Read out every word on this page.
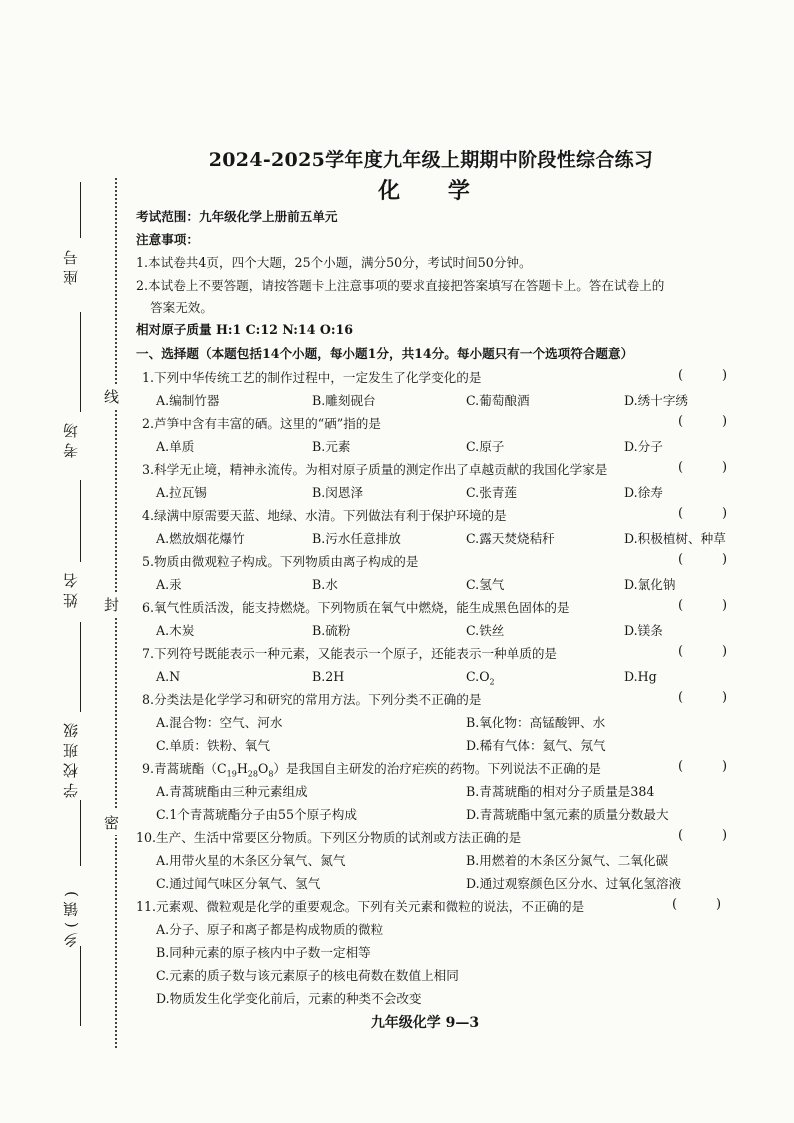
2024-2025学年度九年级上期期中阶段性综合练习
化 学
座号
考场
姓名
班级
学校
乡(镇)
线
封
密
考试范围：九年级化学上册前五单元
注意事项：
1.本试卷共4页，四个大题，25个小题，满分50分，考试时间50分钟。
2.本试卷上不要答题，请按答题卡上注意事项的要求直接把答案填写在答题卡上。答在试卷上的
答案无效。
相对原子质量 H:1 C:12 N:14 O:16
一、选择题（本题包括14个小题，每小题1分，共14分。每小题只有一个选项符合题意）
1.下列中华传统工艺的制作过程中，一定发生了化学变化的是	(	)
A.编制竹器	B.雕刻砚台	C.葡萄酿酒	D.绣十字绣
2.芦笋中含有丰富的硒。这里的“硒”指的是	(	)
A.单质	B.元素	C.原子	D.分子
3.科学无止境，精神永流传。为相对原子质量的测定作出了卓越贡献的我国化学家是	(	)
A.拉瓦锡	B.闵恩泽	C.张青莲	D.徐寿
4.绿满中原需要天蓝、地绿、水清。下列做法有利于保护环境的是	(	)
A.燃放烟花爆竹	B.污水任意排放	C.露天焚烧秸秆	D.积极植树、种草
5.物质由微观粒子构成。下列物质由离子构成的是	(	)
A.汞	B.水	C.氢气	D.氯化钠
6.氧气性质活泼，能支持燃烧。下列物质在氧气中燃烧，能生成黑色固体的是	(	)
A.木炭	B.硫粉	C.铁丝	D.镁条
7.下列符号既能表示一种元素，又能表示一个原子，还能表示一种单质的是	(	)
A.N	B.2H	$C.O_2$	D.Hg
8.分类法是化学学习和研究的常用方法。下列分类不正确的是	(	)
A.混合物：空气、河水	B.氧化物：高锰酸钾、水
C.单质：铁粉、氧气	D.稀有气体：氦气、氖气
9.青蒿琥酯$(C_{19}H_{28}O_8)$是我国自主研发的治疗疟疾的药物。下列说法不正确的是	(	)
A.青蒿琥酯由三种元素组成	B.青蒿琥酯的相对分子质量是384
C.1个青蒿琥酯分子由55个原子构成	D.青蒿琥酯中氢元素的质量分数最大
10.生产、生活中常要区分物质。下列区分物质的试剂或方法正确的是	(	)
A.用带火星的木条区分氧气、氮气	B.用燃着的木条区分氮气、二氧化碳
C.通过闻气味区分氧气、氢气	D.通过观察颜色区分水、过氧化氢溶液
11.元素观、微粒观是化学的重要观念。下列有关元素和微粒的说法，不正确的是	(	)
A.分子、原子和离子都是构成物质的微粒
B.同种元素的原子核内中子数一定相等
C.元素的质子数与该元素原子的核电荷数在数值上相同
D.物质发生化学变化前后，元素的种类不会改变
九年级化学 9—3
